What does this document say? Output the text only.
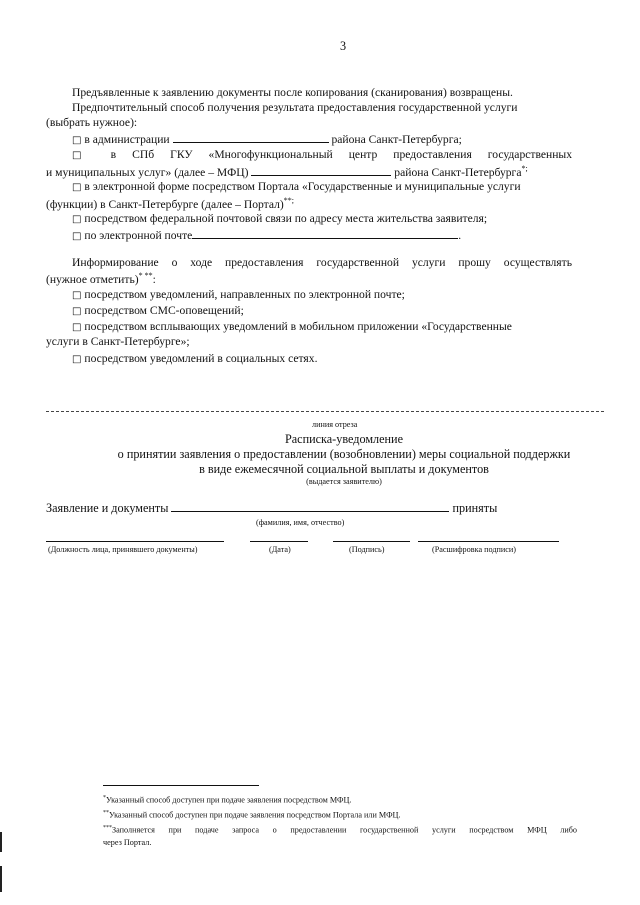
3
Предъявленные к заявлению документы после копирования (сканирования) возвращены.
Предпочтительный способ получения результата предоставления государственной услуги
(выбрать нужное):
□ в администрации	района Санкт-Петербурга;
□ в СПб ГКУ «Многофункциональный центр предоставления государственных
и муниципальных услуг» (далее – МФЦ)	района Санкт-Петербурга*;
□ в электронной форме посредством Портала «Государственные и муниципальные услуги
(функции) в Санкт-Петербурге (далее – Портал)**;
□ посредством федеральной почтовой связи по адресу места жительства заявителя;
□ по электронной почте	.
Информирование о ходе предоставления государственной услуги прошу осуществлять
(нужное отметить)* **:
□ посредством уведомлений, направленных по электронной почте;
□ посредством СМС-оповещений;
□ посредством всплывающих уведомлений в мобильном приложении «Государственные
услуги в Санкт-Петербурге»;
□ посредством уведомлений в социальных сетях.
линия отреза
Расписка-уведомление
о принятии заявления о предоставлении (возобновлении) меры социальной поддержки
в виде ежемесячной социальной выплаты и документов
(выдается заявителю)
Заявление и документы	приняты
(фамилия, имя, отчество)
(Должность лица, принявшего документы)	(Дата)	(Подпись)	(Расшифровка подписи)
*Указанный способ доступен при подаче заявления посредством МФЦ.
**Указанный способ доступен при подаче заявления посредством Портала или МФЦ.
***Заполняется при подаче запроса о предоставлении государственной услуги посредством МФЦ либо
через Портал.
